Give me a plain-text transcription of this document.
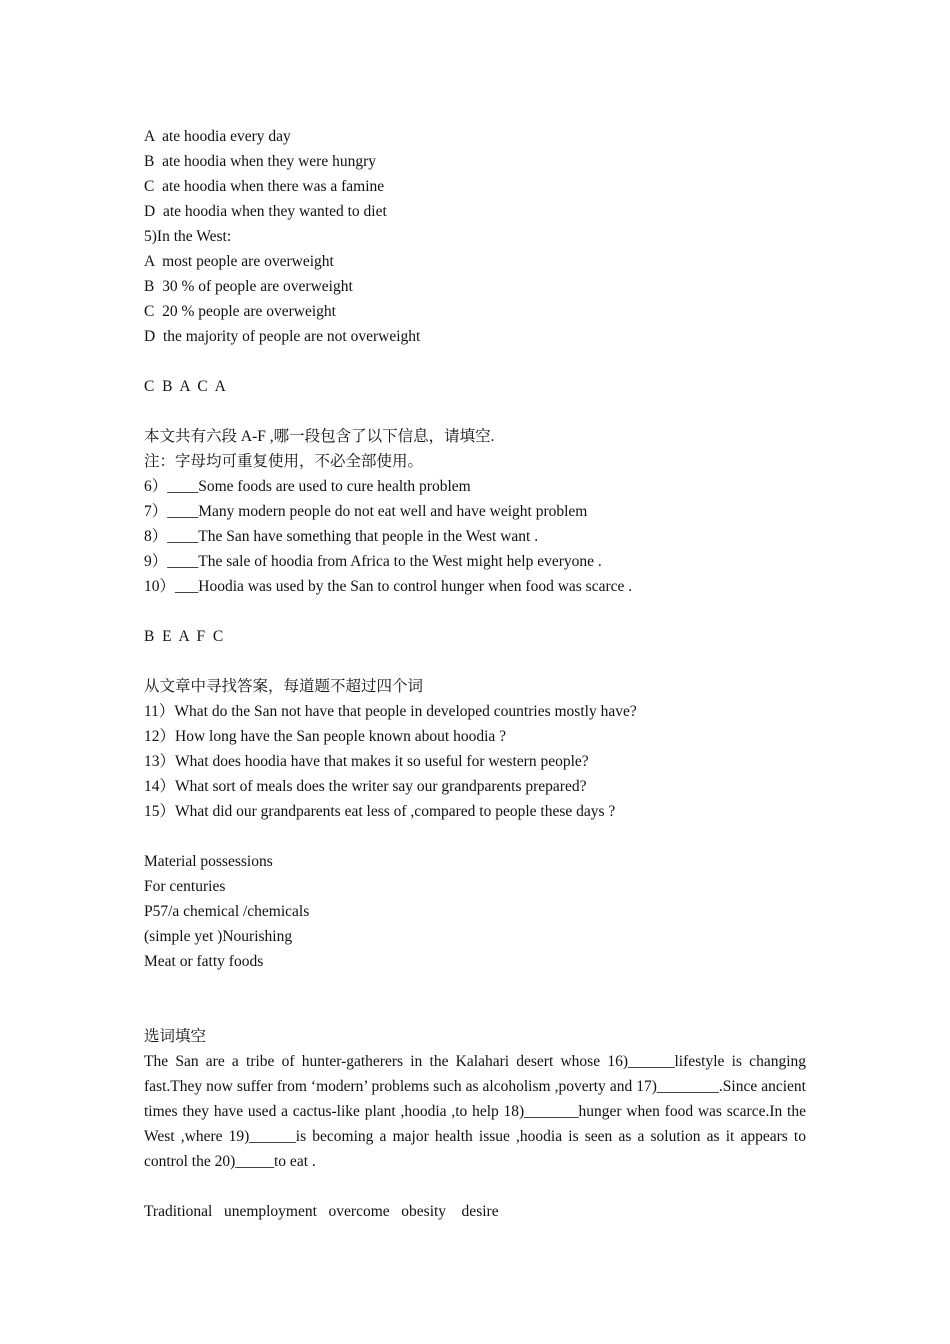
A  ate hoodia every day
B  ate hoodia when they were hungry
C  ate hoodia when there was a famine
D  ate hoodia when they wanted to diet
5)In the West:
A  most people are overweight
B  30 % of people are overweight
C  20 % people are overweight
D  the majority of people are not overweight
C  B  A  C  A
本文共有六段 A-F ,哪一段包含了以下信息，请填空.
注：字母均可重复使用，不必全部使用。
6）____Some foods are used to cure health problem
7）____Many modern people do not eat well and have weight problem
8）____The San have something that people in the West want .
9）____The sale of hoodia from Africa to the West might help everyone .
10）___Hoodia was used by the San to control hunger when food was scarce .
B  E  A  F  C
从文章中寻找答案，每道题不超过四个词
11）What do the San not have that people in developed countries mostly have?
12）How long have the San people known about hoodia ?
13）What does hoodia have that makes it so useful for western people?
14）What sort of meals does the writer say our grandparents prepared?
15）What did our grandparents eat less of ,compared to people these days ?
Material possessions
For centuries
P57/a chemical /chemicals
(simple yet )Nourishing
Meat or fatty foods
选词填空
The San are a tribe of hunter-gatherers in the Kalahari desert whose 16)______lifestyle is changing fast.They now suffer from ‘modern’ problems such as alcoholism ,poverty and 17)________.Since ancient times they have used a cactus-like plant ,hoodia ,to help 18)_______hunger when food was scarce.In the West ,where 19)______is becoming a major health issue ,hoodia is seen as a solution as it appears to control the 20)_____to eat .
Traditional   unemployment   overcome   obesity    desire
